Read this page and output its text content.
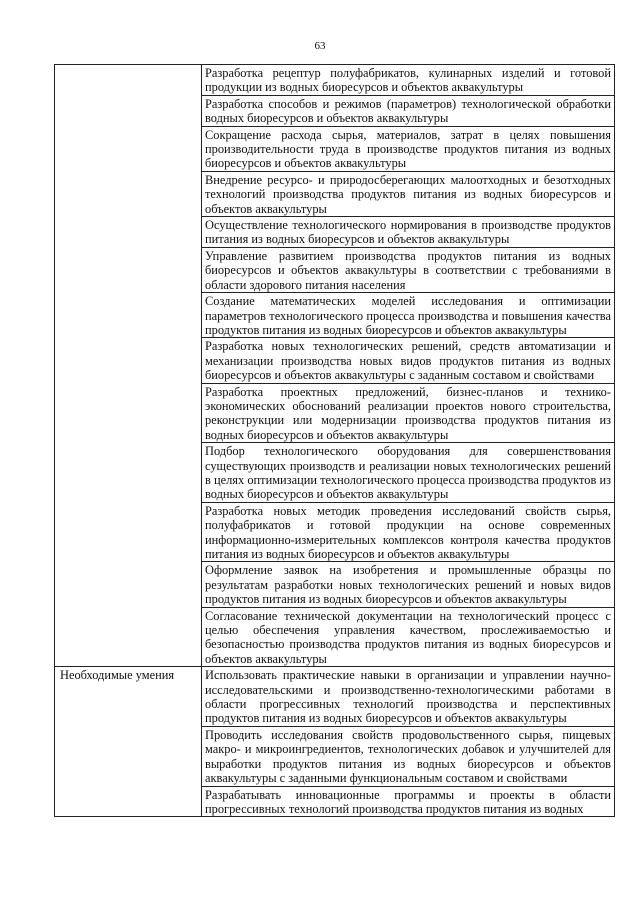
63
	Разработка рецептур полуфабрикатов, кулинарных изделий и готовой продукции из водных биоресурсов и объектов аквакультуры
	Разработка способов и режимов (параметров) технологической обработки водных биоресурсов и объектов аквакультуры
	Сокращение расхода сырья, материалов, затрат в целях повышения производительности труда в производстве продуктов питания из водных биоресурсов и объектов аквакультуры
	Внедрение ресурсо- и природосберегающих малоотходных и безотходных технологий производства продуктов питания из водных биоресурсов и объектов аквакультуры
	Осуществление технологического нормирования в производстве продуктов питания из водных биоресурсов и объектов аквакультуры
	Управление развитием производства продуктов питания из водных биоресурсов и объектов аквакультуры в соответствии с требованиями в области здорового питания населения
	Создание математических моделей исследования и оптимизации параметров технологического процесса производства и повышения качества продуктов питания из водных биоресурсов и объектов аквакультуры
	Разработка новых технологических решений, средств автоматизации и механизации производства новых видов продуктов питания из водных биоресурсов и объектов аквакультуры с заданным составом и свойствами
	Разработка проектных предложений, бизнес-планов и технико-экономических обоснований реализации проектов нового строительства, реконструкции или модернизации производства продуктов питания из водных биоресурсов и объектов аквакультуры
	Подбор технологического оборудования для совершенствования существующих производств и реализации новых технологических решений в целях оптимизации технологического процесса производства продуктов из водных биоресурсов и объектов аквакультуры
	Разработка новых методик проведения исследований свойств сырья, полуфабрикатов и готовой продукции на основе современных информационно-измерительных комплексов контроля качества продуктов питания из водных биоресурсов и объектов аквакультуры
	Оформление заявок на изобретения и промышленные образцы по результатам разработки новых технологических решений и новых видов продуктов питания из водных биоресурсов и объектов аквакультуры
	Согласование технической документации на технологический процесс с целью обеспечения управления качеством, прослеживаемостью и безопасностью производства продуктов питания из водных биоресурсов и объектов аквакультуры
Необходимые умения	Использовать практические навыки в организации и управлении научно-исследовательскими и производственно-технологическими работами в области прогрессивных технологий производства и перспективных продуктов питания из водных биоресурсов и объектов аквакультуры
	Проводить исследования свойств продовольственного сырья, пищевых макро- и микроингредиентов, технологических добавок и улучшителей для выработки продуктов питания из водных биоресурсов и объектов аквакультуры с заданными функциональным составом и свойствами
	Разрабатывать инновационные программы и проекты в области прогрессивных технологий производства продуктов питания из водных
